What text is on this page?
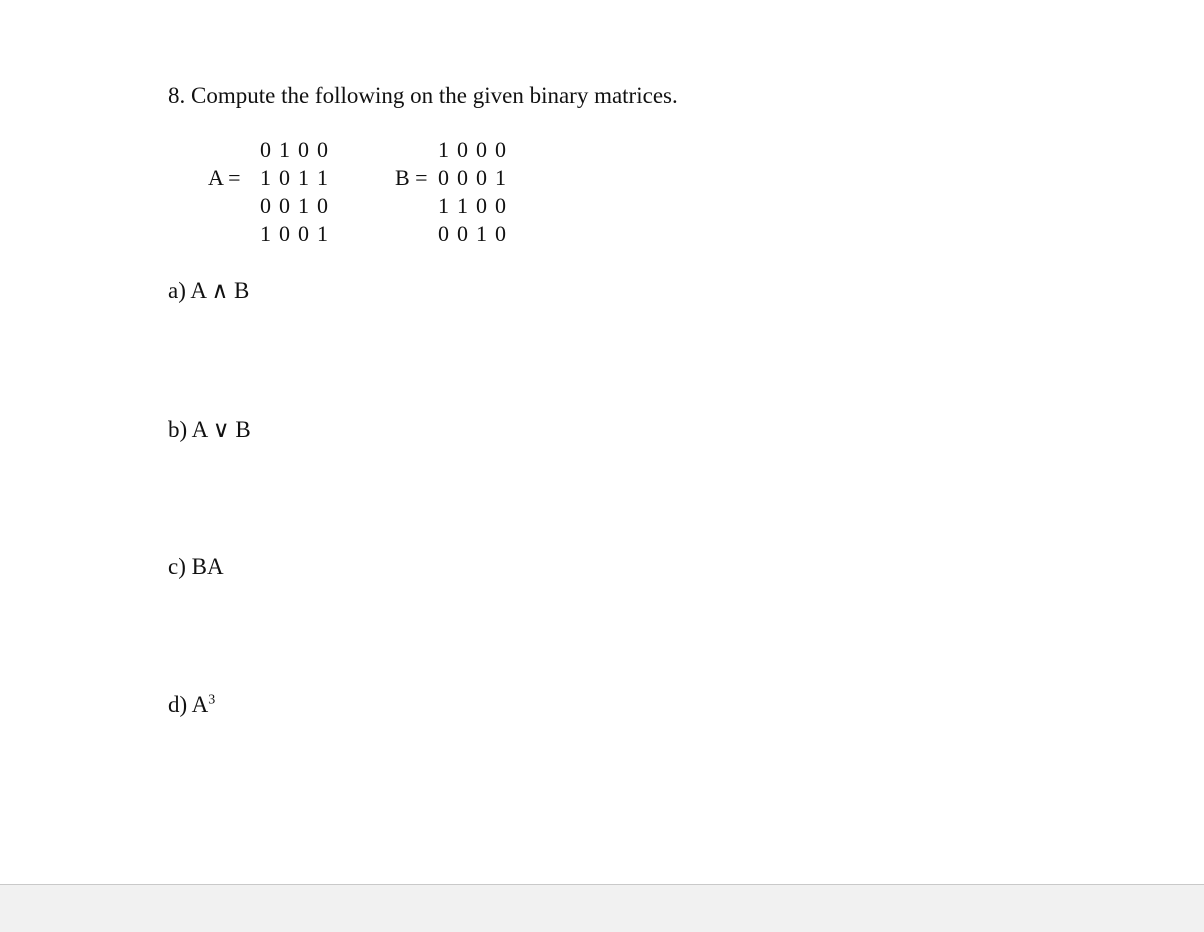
8. Compute the following on the given binary matrices.
A =
0 1 0 0
1 0 1 1
0 0 1 0
1 0 0 1
B =
1 0 0 0
0 0 0 1
1 1 0 0
0 0 1 0
a) A ∧ B
b) A ∨ B
c) BA
d) $A^3$
